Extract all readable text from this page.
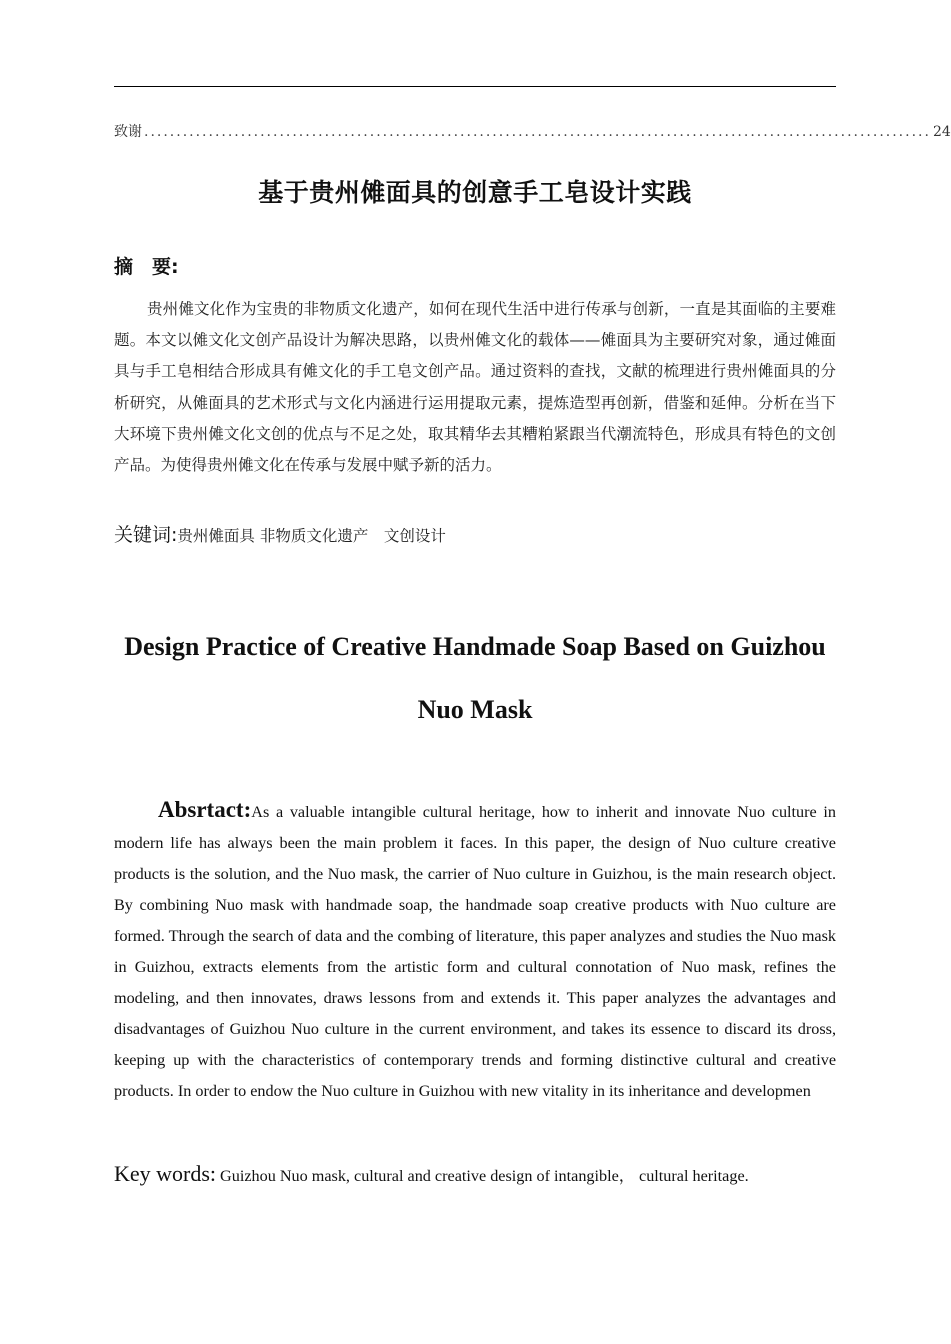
致谢 .......................................................................................................................... 24
基于贵州傩面具的创意手工皂设计实践
摘　要:
贵州傩文化作为宝贵的非物质文化遗产，如何在现代生活中进行传承与创新，一直是其面临的主要难题。本文以傩文化文创产品设计为解决思路，以贵州傩文化的载体——傩面具为主要研究对象，通过傩面具与手工皂相结合形成具有傩文化的手工皂文创产品。通过资料的查找，文献的梳理进行贵州傩面具的分析研究，从傩面具的艺术形式与文化内涵进行运用提取元素，提炼造型再创新，借鉴和延伸。分析在当下大环境下贵州傩文化文创的优点与不足之处，取其精华去其糟粕紧跟当代潮流特色，形成具有特色的文创产品。为使得贵州傩文化在传承与发展中赋予新的活力。
关键词:贵州傩面具 非物质文化遗产　文创设计
Design Practice of Creative Handmade Soap Based on Guizhou Nuo Mask
Absrtact:As a valuable intangible cultural heritage, how to inherit and innovate Nuo culture in modern life has always been the main problem it faces. In this paper, the design of Nuo culture creative products is the solution, and the Nuo mask, the carrier of Nuo culture in Guizhou, is the main research object. By combining Nuo mask with handmade soap, the handmade soap creative products with Nuo culture are formed. Through the search of data and the combing of literature, this paper analyzes and studies the Nuo mask in Guizhou, extracts elements from the artistic form and cultural connotation of Nuo mask, refines the modeling, and then innovates, draws lessons from and extends it. This paper analyzes the advantages and disadvantages of Guizhou Nuo culture in the current environment, and takes its essence to discard its dross, keeping up with the characteristics of contemporary trends and forming distinctive cultural and creative products. In order to endow the Nuo culture in Guizhou with new vitality in its inheritance and developmen
Key words: Guizhou Nuo mask, cultural and creative design of intangible， cultural heritage.
